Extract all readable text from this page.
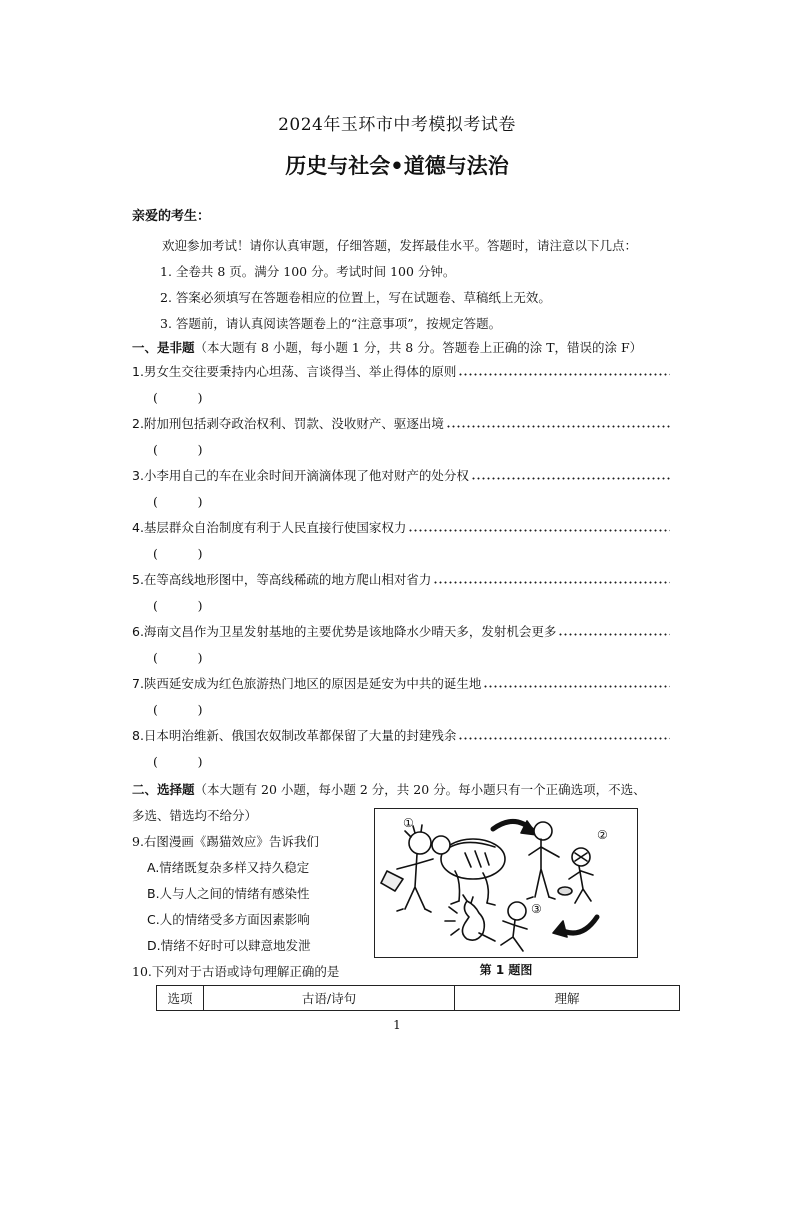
2024年玉环市中考模拟考试卷
历史与社会•道德与法治
亲爱的考生：
欢迎参加考试！请你认真审题，仔细答题，发挥最佳水平。答题时，请注意以下几点：
1. 全卷共 8 页。满分 100 分。考试时间 100 分钟。
2. 答案必须填写在答题卷相应的位置上，写在试题卷、草稿纸上无效。
3. 答题前，请认真阅读答题卷上的“注意事项”，按规定答题。
一、是非题（本大题有 8 小题，每小题 1 分，共 8 分。答题卷上正确的涂 T，错误的涂 F）
1.男女生交往要秉持内心坦荡、言谈得当、举止得体的原则
(          )
2.附加刑包括剥夺政治权利、罚款、没收财产、驱逐出境
(          )
3.小李用自己的车在业余时间开滴滴体现了他对财产的处分权
(          )
4.基层群众自治制度有利于人民直接行使国家权力
(          )
5.在等高线地形图中，等高线稀疏的地方爬山相对省力
(          )
6.海南文昌作为卫星发射基地的主要优势是该地降水少晴天多，发射机会更多
(          )
7.陕西延安成为红色旅游热门地区的原因是延安为中共的诞生地
(          )
8.日本明治维新、俄国农奴制改革都保留了大量的封建残余
(          )
二、选择题（本大题有 20 小题，每小题 2 分，共 20 分。每小题只有一个正确选项，不选、
多选、错选均不给分）
9.右图漫画《踢猫效应》告诉我们
A.情绪既复杂多样又持久稳定
B.人与人之间的情绪有感染性
C.人的情绪受多方面因素影响
D.情绪不好时可以肆意地发泄
①
②
③
第 1 题图
10.下列对于古语或诗句理解正确的是
选项	古语/诗句	理解
1
